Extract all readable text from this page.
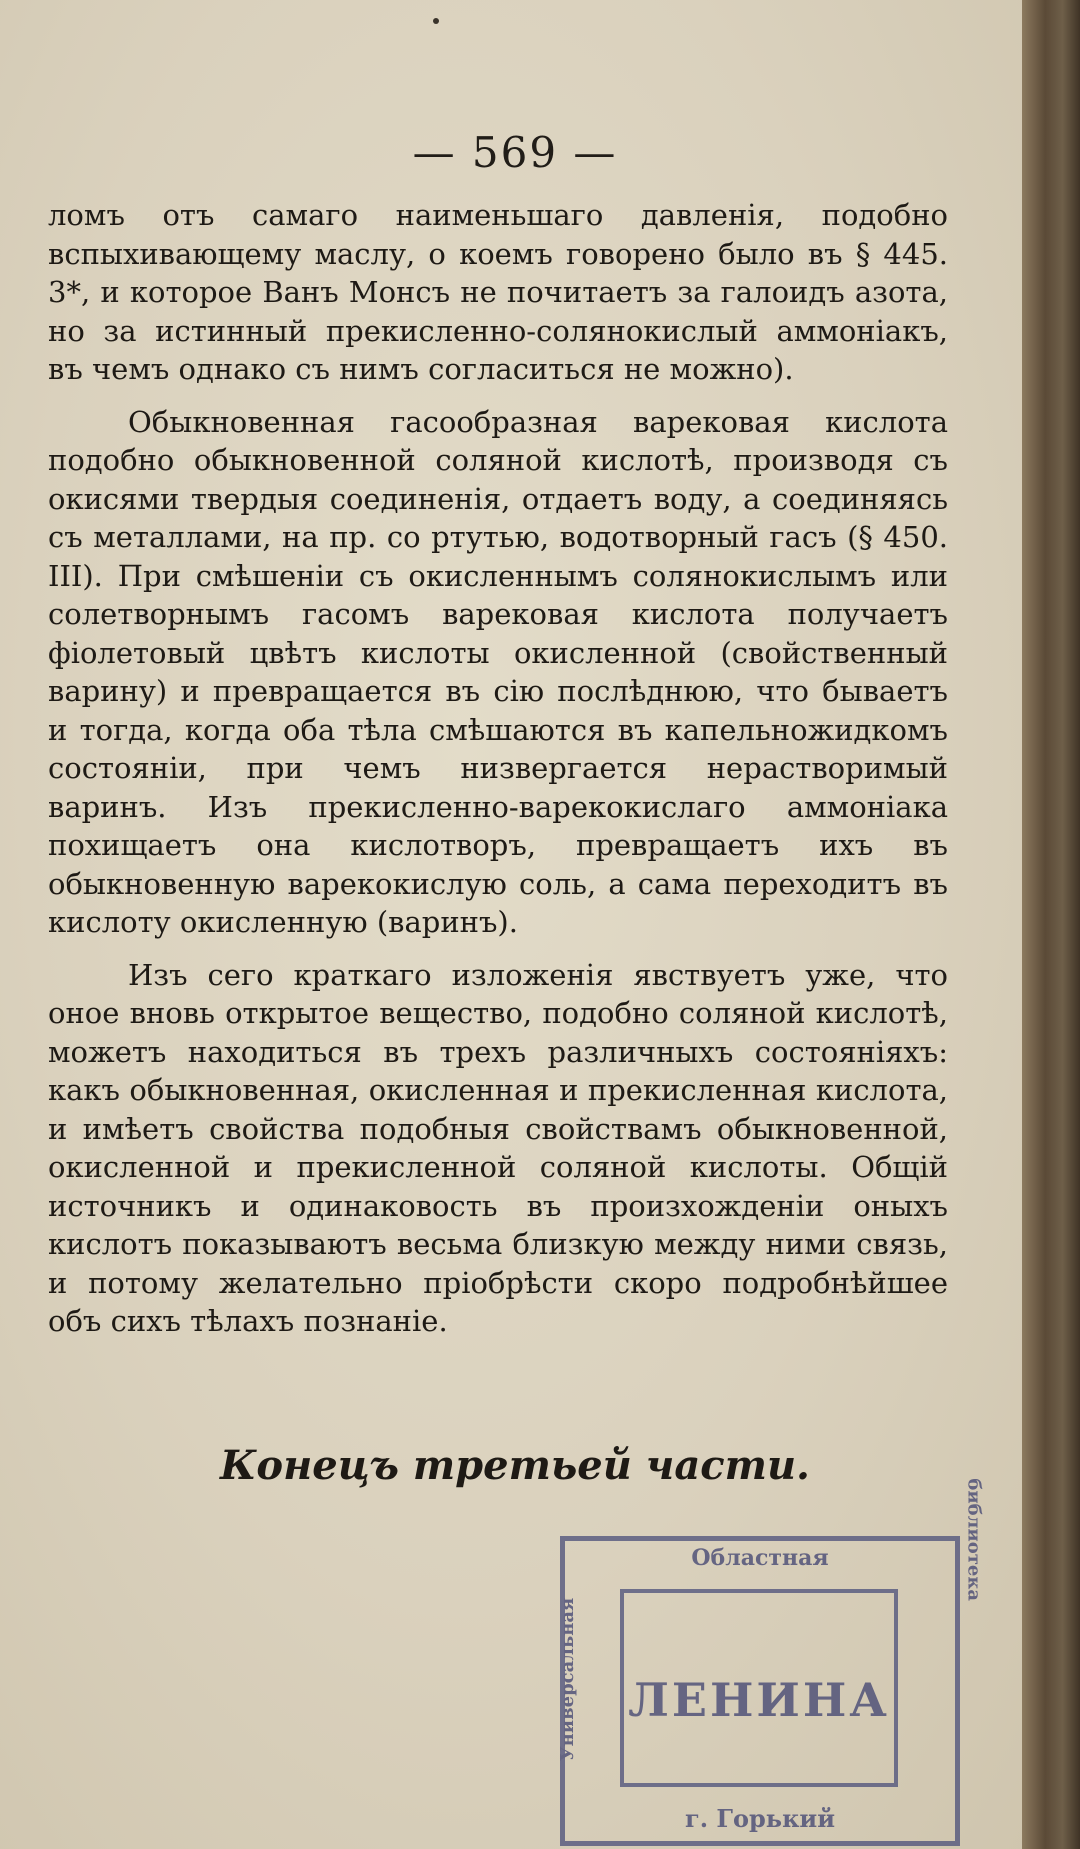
— 569 —

ломъ отъ самаго наименьшаго давленія, подобно вспыхивающему маслу, о коемъ говорено было въ § 445. 3*, и которое Ванъ Монсъ не почитаетъ за галоидъ азота, но за истинный прекисленно-солянокислый аммоніакъ, въ чемъ однако съ нимъ согласиться не можно).

Обыкновенная гасообразная варековая кислота подобно обыкновенной соляной кислотѣ, производя съ окисями твердыя соединенія, отдаетъ воду, а соединяясь съ металлами, на пр. со ртутью, водотворный гасъ (§ 450. III). При смѣшеніи съ окисленнымъ солянокислымъ или солетворнымъ гасомъ варековая кислота получаетъ фіолетовый цвѣтъ кислоты окисленной (свойственный варину) и превращается въ сію послѣднюю, что бываетъ и тогда, когда оба тѣла смѣшаются въ капельножидкомъ состояніи, при чемъ низвергается нерастворимый варинъ. Изъ прекисленно-варекокислаго аммоніака похищаетъ она кислотворъ, превращаетъ ихъ въ обыкновенную варекокислую соль, а сама переходитъ въ кислоту окисленную (варинъ).

Изъ сего краткаго изложенія явствуетъ уже, что оное вновь открытое вещество, подобно соляной кислотѣ, можетъ находиться въ трехъ различныхъ состояніяхъ: какъ обыкновенная, окисленная и прекисленная кислота, и имѣетъ свойства подобныя свойствамъ обыкновенной, окисленной и прекисленной соляной кислоты. Общій источникъ и одинаковость въ произхожденіи оныхъ кислотъ показываютъ весьма близкую между ними связь, и потому желательно пріобрѣсти скоро подробнѣйшее объ сихъ тѣлахъ познаніе.

Конецъ третьей части.
Областная
Универсальная
библиотека
ЛЕНИНА
г. Горький
